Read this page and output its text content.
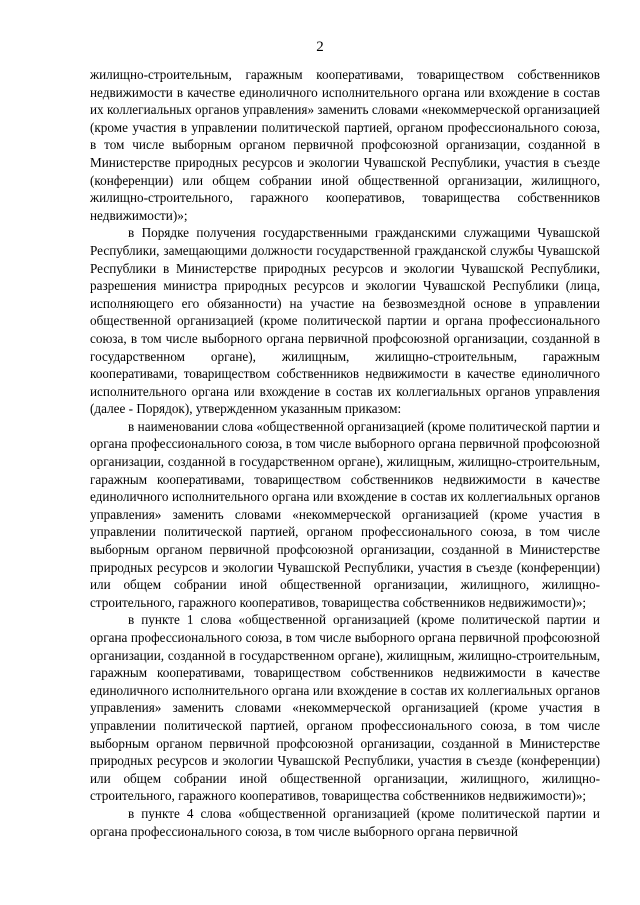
2

жилищно-строительным, гаражным кооперативами, товариществом собственников недвижимости в качестве единоличного исполнительного органа или вхождение в состав их коллегиальных органов управления» заменить словами «некоммерческой организацией (кроме участия в управлении политической партией, органом профессионального союза, в том числе выборным органом первичной профсоюзной организации, созданной в Министерстве природных ресурсов и экологии Чувашской Республики, участия в съезде (конференции) или общем собрании иной общественной организации, жилищного, жилищно-строительного, гаражного кооперативов, товарищества собственников недвижимости)»;

в Порядке получения государственными гражданскими служащими Чувашской Республики, замещающими должности государственной гражданской службы Чувашской Республики в Министерстве природных ресурсов и экологии Чувашской Республики, разрешения министра природных ресурсов и экологии Чувашской Республики (лица, исполняющего его обязанности) на участие на безвозмездной основе в управлении общественной организацией (кроме политической партии и органа профессионального союза, в том числе выборного органа первичной профсоюзной организации, созданной в государственном органе), жилищным, жилищно-строительным, гаражным кооперативами, товариществом собственников недвижимости в качестве единоличного исполнительного органа или вхождение в состав их коллегиальных органов управления (далее - Порядок), утвержденном указанным приказом:

в наименовании слова «общественной организацией (кроме политической партии и органа профессионального союза, в том числе выборного органа первичной профсоюзной организации, созданной в государственном органе), жилищным, жилищно-строительным, гаражным кооперативами, товариществом собственников недвижимости в качестве единоличного исполнительного органа или вхождение в состав их коллегиальных органов управления» заменить словами «некоммерческой организацией (кроме участия в управлении политической партией, органом профессионального союза, в том числе выборным органом первичной профсоюзной организации, созданной в Министерстве природных ресурсов и экологии Чувашской Республики, участия в съезде (конференции) или общем собрании иной общественной организации, жилищного, жилищно-строительного, гаражного кооперативов, товарищества собственников недвижимости)»;

в пункте 1 слова «общественной организацией (кроме политической партии и органа профессионального союза, в том числе выборного органа первичной профсоюзной организации, созданной в государственном органе), жилищным, жилищно-строительным, гаражным кооперативами, товариществом собственников недвижимости в качестве единоличного исполнительного органа или вхождение в состав их коллегиальных органов управления» заменить словами «некоммерческой организацией (кроме участия в управлении политической партией, органом профессионального союза, в том числе выборным органом первичной профсоюзной организации, созданной в Министерстве природных ресурсов и экологии Чувашской Республики, участия в съезде (конференции) или общем собрании иной общественной организации, жилищного, жилищно-строительного, гаражного кооперативов, товарищества собственников недвижимости)»;

в пункте 4 слова «общественной организацией (кроме политической партии и органа профессионального союза, в том числе выборного органа первичной
